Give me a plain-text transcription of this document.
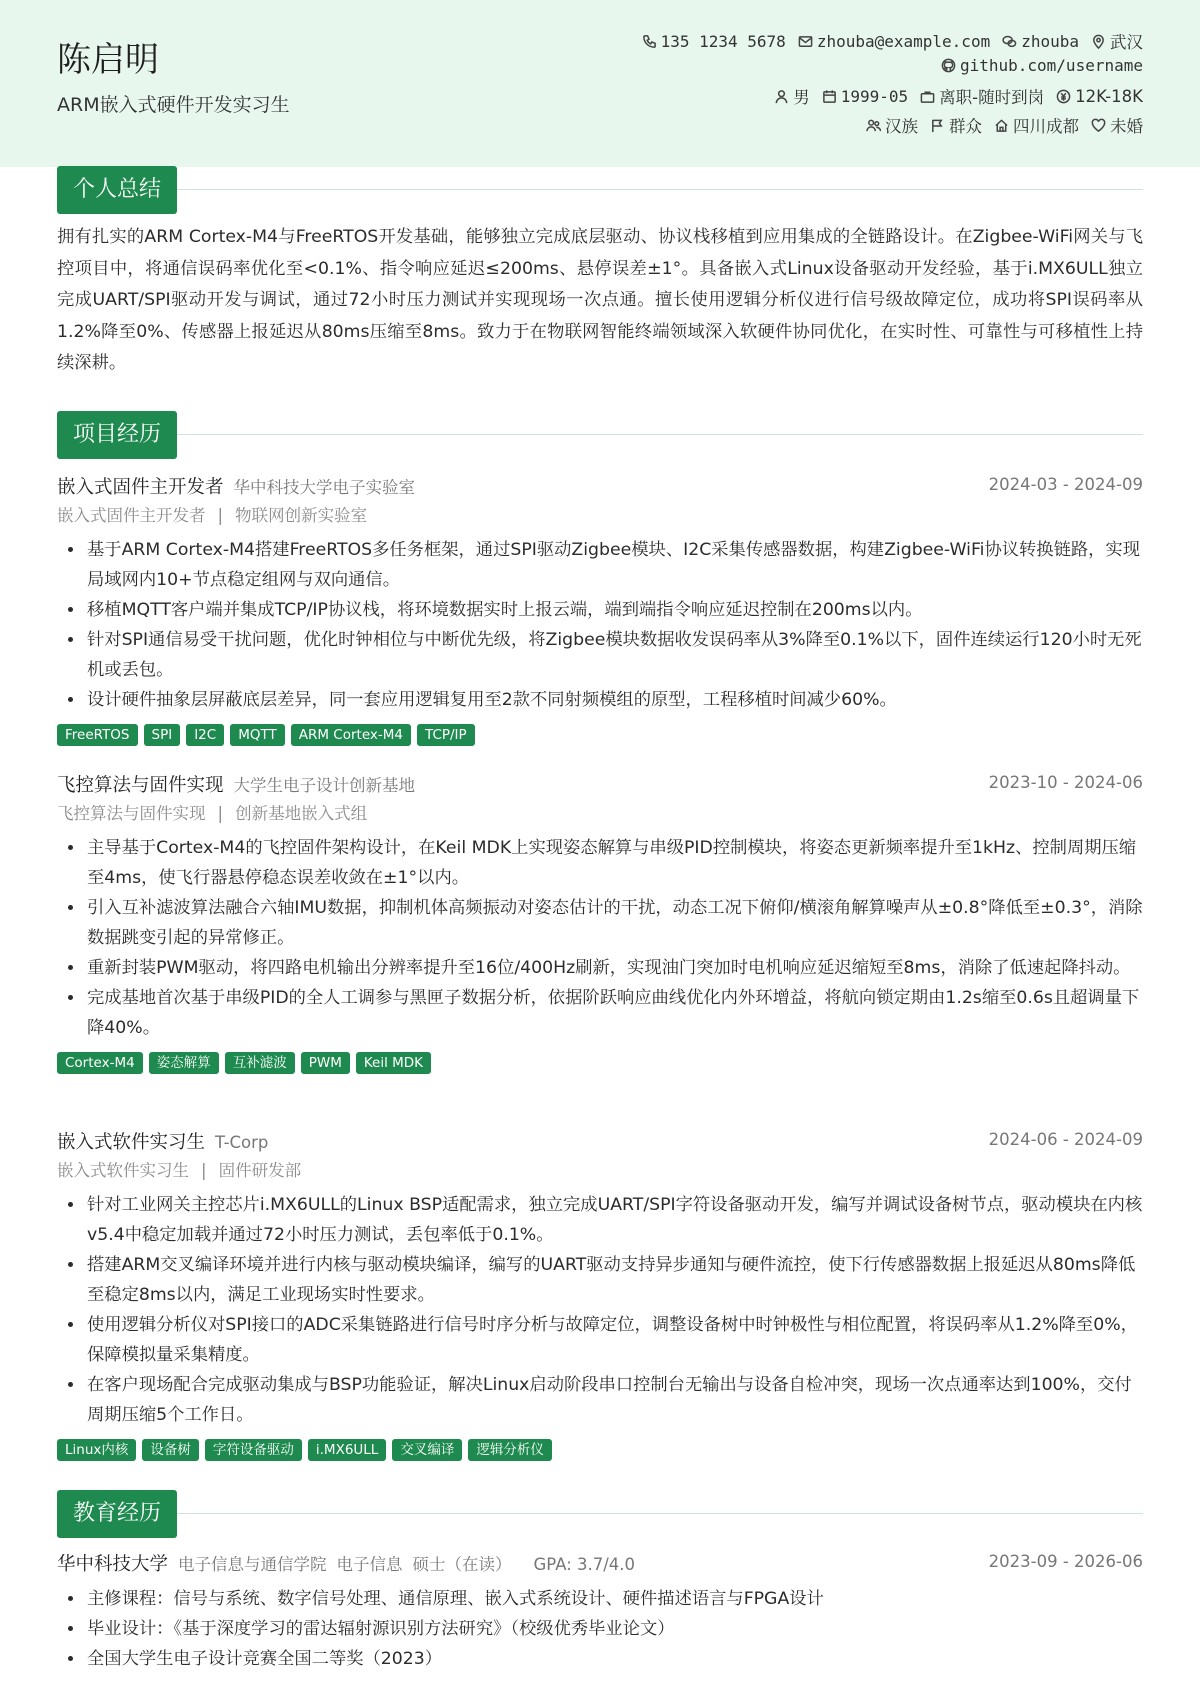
陈启明
ARM嵌入式硬件开发实习生
135 1234 5678 zhouba@example.com zhouba 武汉
github.com/username
男 1999-05 离职-随时到岗 12K-18K
汉族 群众 四川成都 未婚
个人总结
拥有扎实的ARM Cortex-M4与FreeRTOS开发基础，能够独立完成底层驱动、协议栈移植到应用集成的全链路设计。在Zigbee-WiFi网关与飞控项目中，将通信误码率优化至<0.1%、指令响应延迟≤200ms、悬停误差±1°。具备嵌入式Linux设备驱动开发经验，基于i.MX6ULL独立完成UART/SPI驱动开发与调试，通过72小时压力测试并实现现场一次点通。擅长使用逻辑分析仪进行信号级故障定位，成功将SPI误码率从1.2%降至0%、传感器上报延迟从80ms压缩至8ms。致力于在物联网智能终端领域深入软硬件协同优化，在实时性、可靠性与可移植性上持续深耕。
项目经历
嵌入式固件主开发者 华中科技大学电子实验室	2024-03 - 2024-09
嵌入式固件主开发者 | 物联网创新实验室
• 基于ARM Cortex-M4搭建FreeRTOS多任务框架，通过SPI驱动Zigbee模块、I2C采集传感器数据，构建Zigbee-WiFi协议转换链路，实现局域网内10+节点稳定组网与双向通信。
• 移植MQTT客户端并集成TCP/IP协议栈，将环境数据实时上报云端，端到端指令响应延迟控制在200ms以内。
• 针对SPI通信易受干扰问题，优化时钟相位与中断优先级，将Zigbee模块数据收发误码率从3%降至0.1%以下，固件连续运行120小时无死机或丢包。
• 设计硬件抽象层屏蔽底层差异，同一套应用逻辑复用至2款不同射频模组的原型，工程移植时间减少60%。
FreeRTOS	SPI	I2C	MQTT	ARM Cortex-M4	TCP/IP
飞控算法与固件实现 大学生电子设计创新基地	2023-10 - 2024-06
飞控算法与固件实现 | 创新基地嵌入式组
• 主导基于Cortex-M4的飞控固件架构设计，在Keil MDK上实现姿态解算与串级PID控制模块，将姿态更新频率提升至1kHz、控制周期压缩至4ms，使飞行器悬停稳态误差收敛在±1°以内。
• 引入互补滤波算法融合六轴IMU数据，抑制机体高频振动对姿态估计的干扰，动态工况下俯仰/横滚角解算噪声从±0.8°降低至±0.3°，消除数据跳变引起的异常修正。
• 重新封装PWM驱动，将四路电机输出分辨率提升至16位/400Hz刷新，实现油门突加时电机响应延迟缩短至8ms，消除了低速起降抖动。
• 完成基地首次基于串级PID的全人工调参与黑匣子数据分析，依据阶跃响应曲线优化内外环增益，将航向锁定期由1.2s缩至0.6s且超调量下降40%。
Cortex-M4	姿态解算	互补滤波	PWM	Keil MDK
嵌入式软件实习生 T-Corp	2024-06 - 2024-09
嵌入式软件实习生 | 固件研发部
• 针对工业网关主控芯片i.MX6ULL的Linux BSP适配需求，独立完成UART/SPI字符设备驱动开发，编写并调试设备树节点，驱动模块在内核v5.4中稳定加载并通过72小时压力测试，丢包率低于0.1%。
• 搭建ARM交叉编译环境并进行内核与驱动模块编译，编写的UART驱动支持异步通知与硬件流控，使下行传感器数据上报延迟从80ms降低至稳定8ms以内，满足工业现场实时性要求。
• 使用逻辑分析仪对SPI接口的ADC采集链路进行信号时序分析与故障定位，调整设备树中时钟极性与相位配置，将误码率从1.2%降至0%，保障模拟量采集精度。
• 在客户现场配合完成驱动集成与BSP功能验证，解决Linux启动阶段串口控制台无输出与设备自检冲突，现场一次点通率达到100%，交付周期压缩5个工作日。
Linux内核	设备树	字符设备驱动	i.MX6ULL	交叉编译	逻辑分析仪
教育经历
华中科技大学 电子信息与通信学院 电子信息 硕士（在读） GPA: 3.7/4.0	2023-09 - 2026-06
• 主修课程：信号与系统、数字信号处理、通信原理、嵌入式系统设计、硬件描述语言与FPGA设计
• 毕业设计：《基于深度学习的雷达辐射源识别方法研究》（校级优秀毕业论文）
• 全国大学生电子设计竞赛全国二等奖（2023）
